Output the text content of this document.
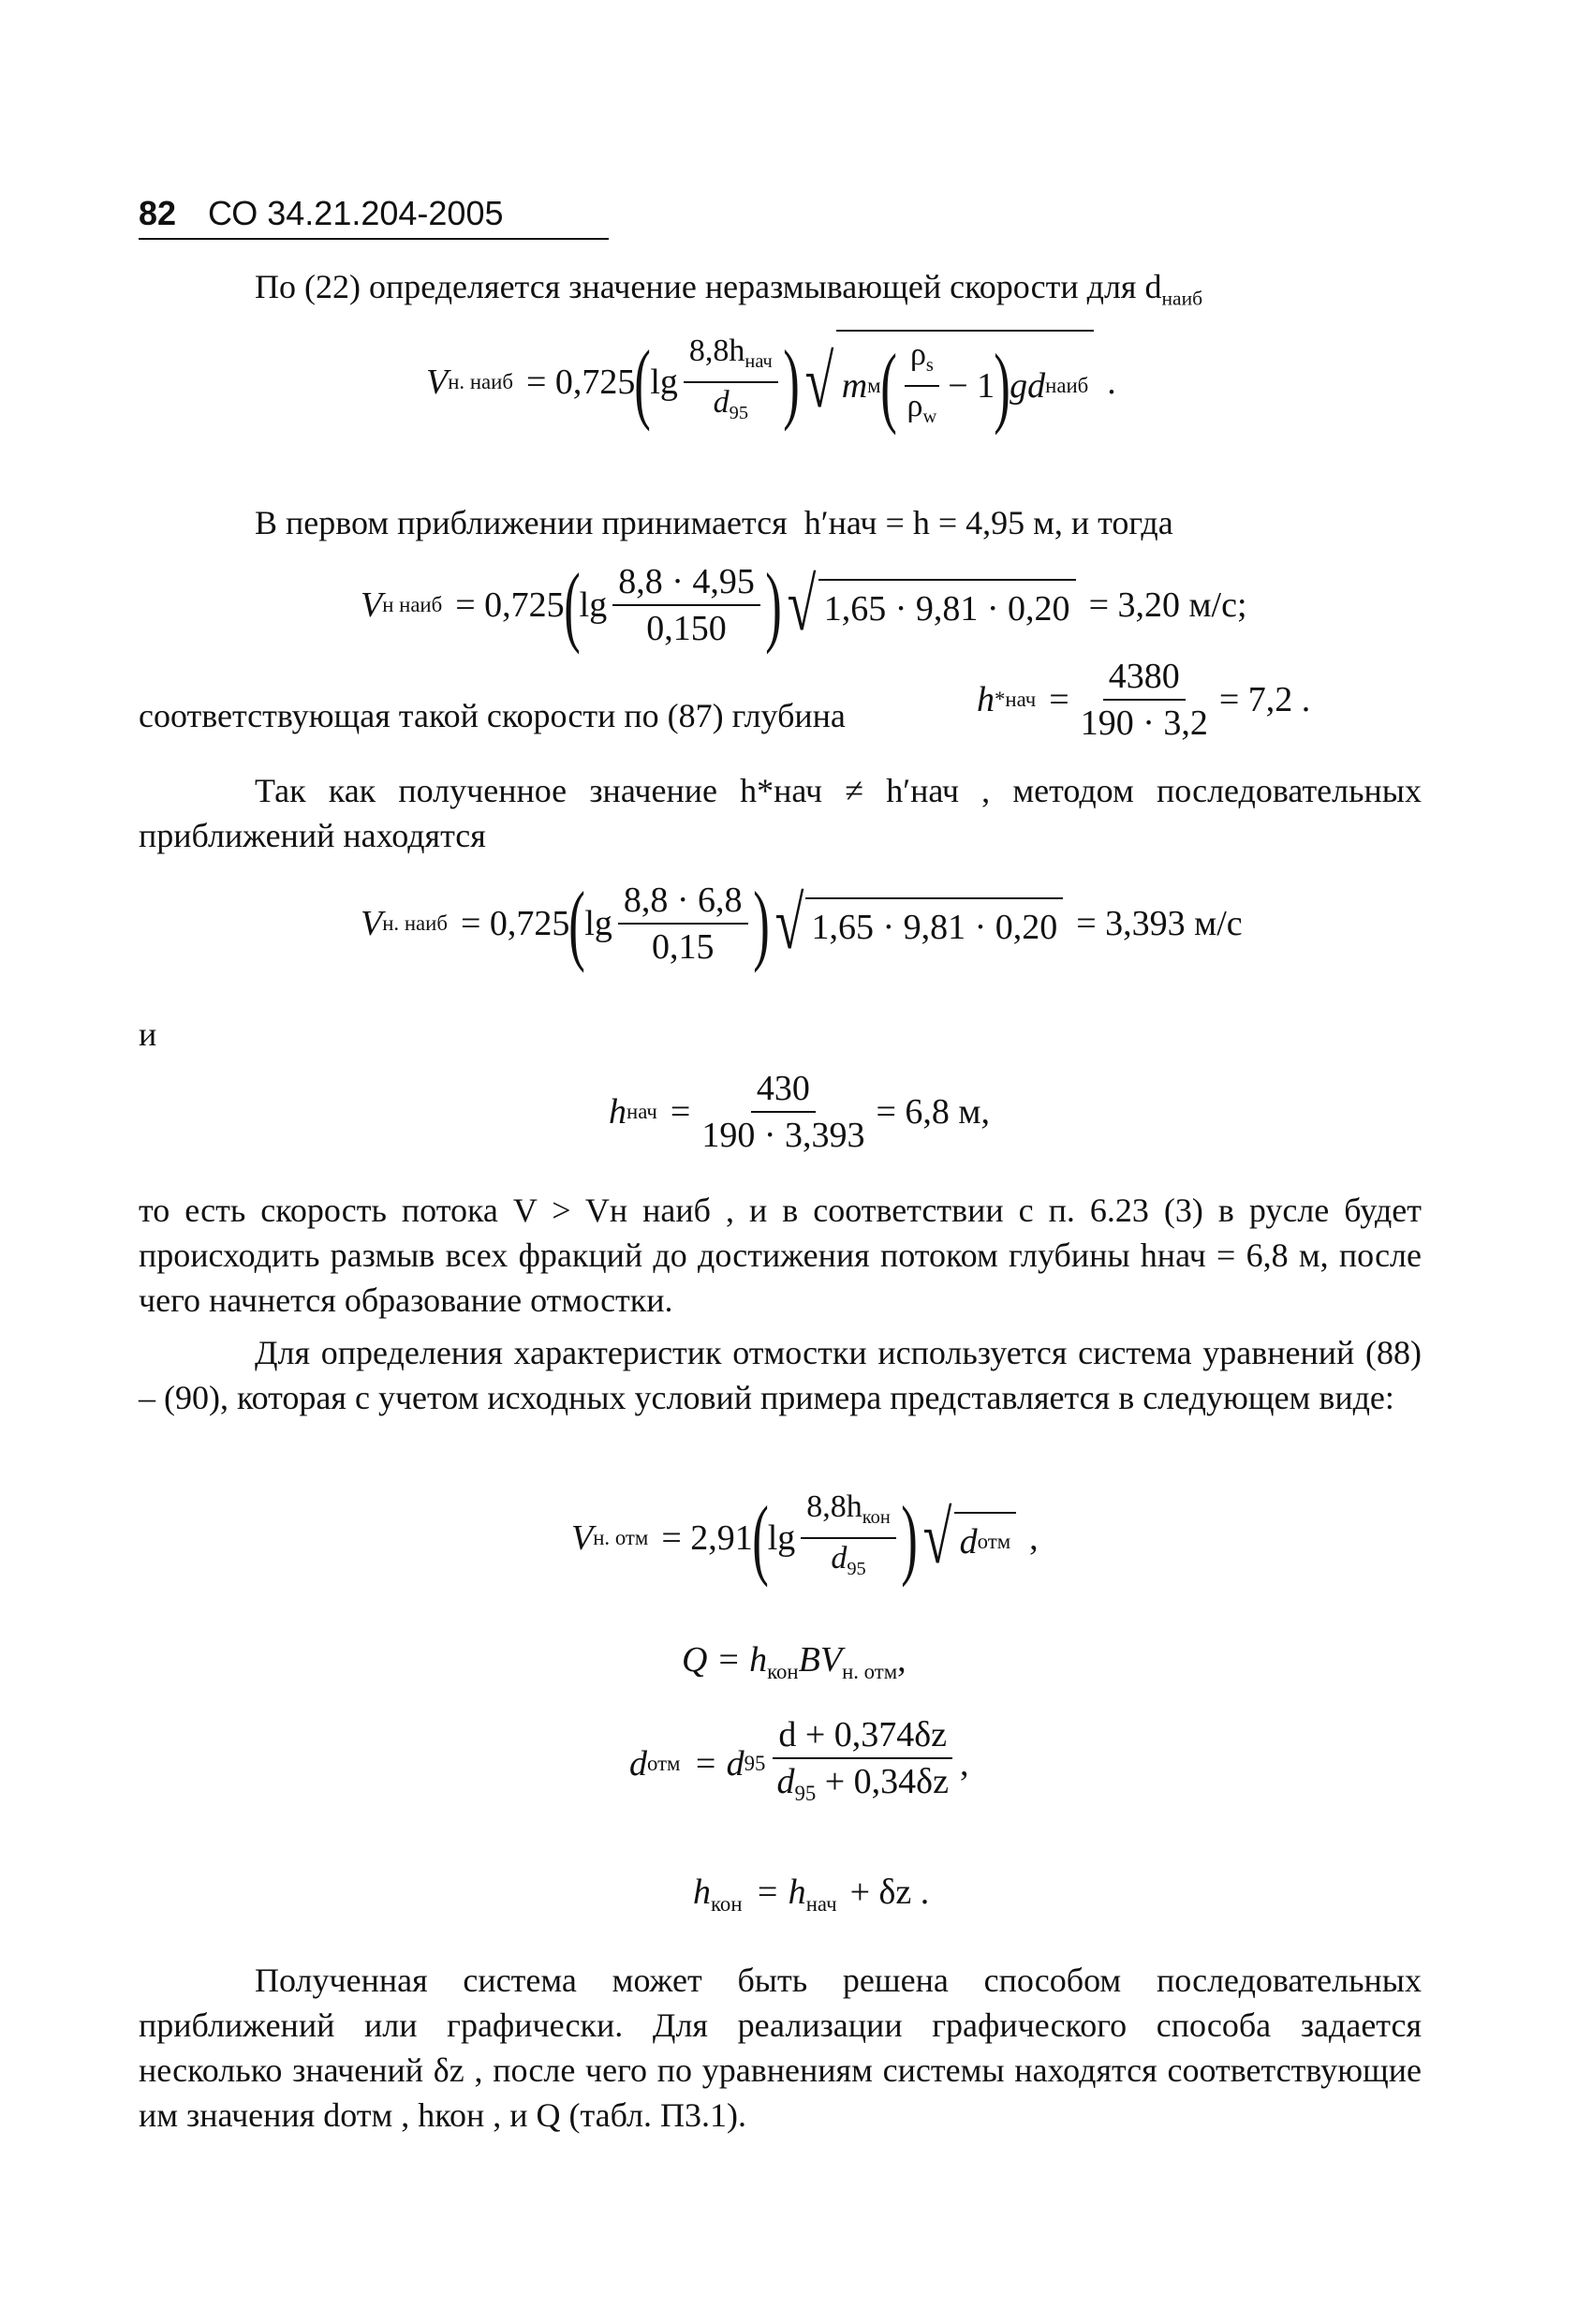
82 СО 34.21.204-2005
По (22) определяется значение неразмывающей скорости для $d_{наиб}$
V н. наиб = 0,725 ( $\lg \frac{8,8h_{нач}}{d_{95}}$ ) √ m м ( $\frac{\rho_s}{\rho_w} - 1$ ) gd наиб .
В первом приближении принимается h′нач = h = 4,95 м, и тогда
V н наиб = 0,725 ( $\lg \frac{8,8 \cdot 4,95}{0,150}$ ) √ 1,65 · 9,81 · 0,20 = 3,20 м/с;
соответствующая такой скорости по (87) глубина	h * нач = $\frac{4380}{190 \cdot 3,2} = 7,2$ .
Так как полученное значение h*нач ≠ h′нач , методом последовательных приближений находятся
V н. наиб = 0,725 ( $\lg \frac{8,8 \cdot 6,8}{0,15}$ ) √ 1,65 · 9,81 · 0,20 = 3,393 м/с
и
h нач = $\frac{430}{190 \cdot 3,393} = 6,8$ м,
то есть скорость потока V > Vн наиб , и в соответствии с п. 6.23 (3) в русле будет происходить размыв всех фракций до достижения потоком глубины hнач = 6,8 м, после чего начнется образование отмостки.
Для определения характеристик отмостки используется система уравнений (88) – (90), которая с учетом исходных условий примера представляется в следующем виде:
V н. отм = 2,91 ( $\lg \frac{8,8h_{кон}}{d_{95}}$ ) √ d отм ,
$Q = h_{кон}BV_{н. отм}$,
d отм = d $95 \frac{d + 0,374\delta z}{d_{95} + 0,34\delta z}$ ,
$h_{кон} = h_{нач} + \delta z$ .
Полученная система может быть решена способом последовательных приближений или графически. Для реализации графического способа задается несколько значений δz , после чего по уравнениям системы находятся соответствующие им значения dотм , hкон , и Q (табл. П3.1).
